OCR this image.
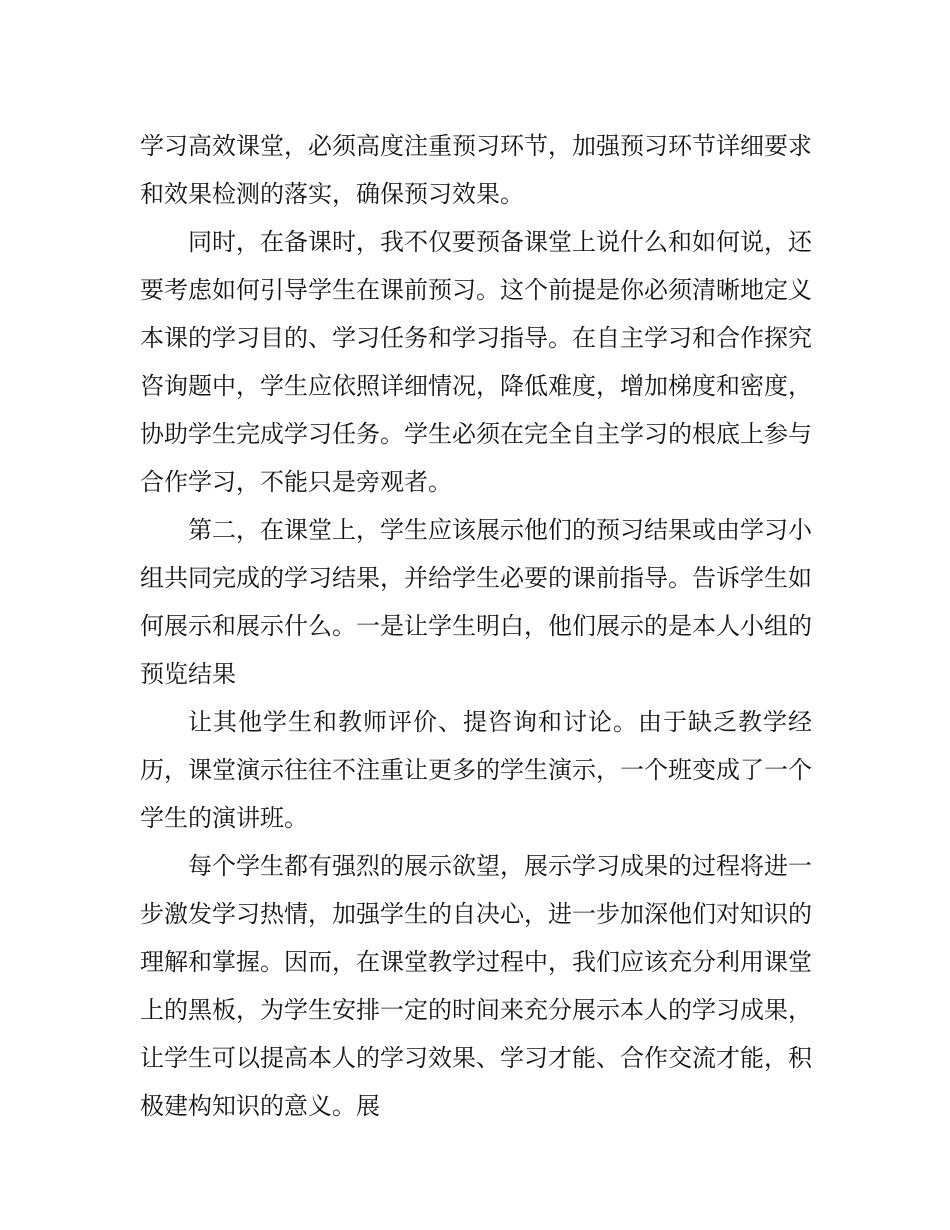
学习高效课堂，必须高度注重预习环节，加强预习环节详细要求和效果检测的落实，确保预习效果。

同时，在备课时，我不仅要预备课堂上说什么和如何说，还要考虑如何引导学生在课前预习。这个前提是你必须清晰地定义本课的学习目的、学习任务和学习指导。在自主学习和合作探究咨询题中，学生应依照详细情况，降低难度，增加梯度和密度，协助学生完成学习任务。学生必须在完全自主学习的根底上参与合作学习，不能只是旁观者。

第二，在课堂上，学生应该展示他们的预习结果或由学习小组共同完成的学习结果，并给学生必要的课前指导。告诉学生如何展示和展示什么。一是让学生明白，他们展示的是本人小组的预览结果

让其他学生和教师评价、提咨询和讨论。由于缺乏教学经历，课堂演示往往不注重让更多的学生演示，一个班变成了一个学生的演讲班。

每个学生都有强烈的展示欲望，展示学习成果的过程将进一步激发学习热情，加强学生的自决心，进一步加深他们对知识的理解和掌握。因而，在课堂教学过程中，我们应该充分利用课堂上的黑板，为学生安排一定的时间来充分展示本人的学习成果，让学生可以提高本人的学习效果、学习才能、合作交流才能，积极建构知识的意义。展
